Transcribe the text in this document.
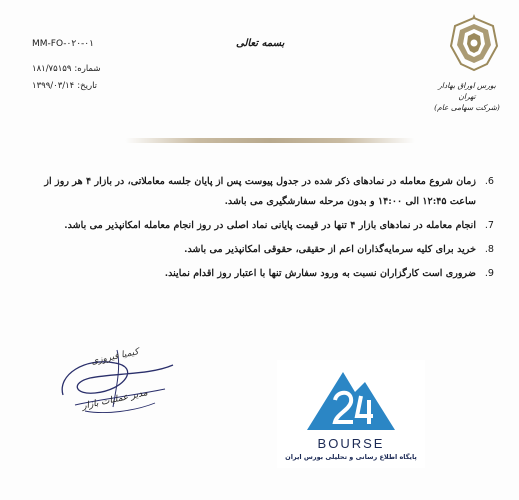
MM-FO-۰۲۰-۰۱
شماره:
۱۸۱/۷۵۱۵۹
تاریخ:
۱۳۹۹/۰۳/۱۴
بسمه تعالی
بورس اوراق بهادار تهران
(شرکت سهامی عام)
.6
زمان شروع معامله در نمادهای ذکر شده در جدول پیوست پس از پایان جلسه معاملاتی، در بازار ۴ هر روز از ساعت ۱۲:۴۵ الی ۱۴:۰۰ و بدون مرحله سفارشگیری می باشد.
.7
انجام معامله در نمادهای بازار ۴ تنها در قیمت پایانی نماد اصلی در روز انجام معامله امکانپذیر می باشد.
.8
خرید برای کلیه سرمایه‌گذاران اعم از حقیقی، حقوقی امکانپذیر می باشد.
.9
ضروری است کارگزاران نسبت به ورود سفارش تنها با اعتبار روز اقدام نمایند.
کیمیا فیروزی
مدیر عملیات بازار
BOURSE
پایگاه اطلاع رسانی و تحلیلی بورس ایران
